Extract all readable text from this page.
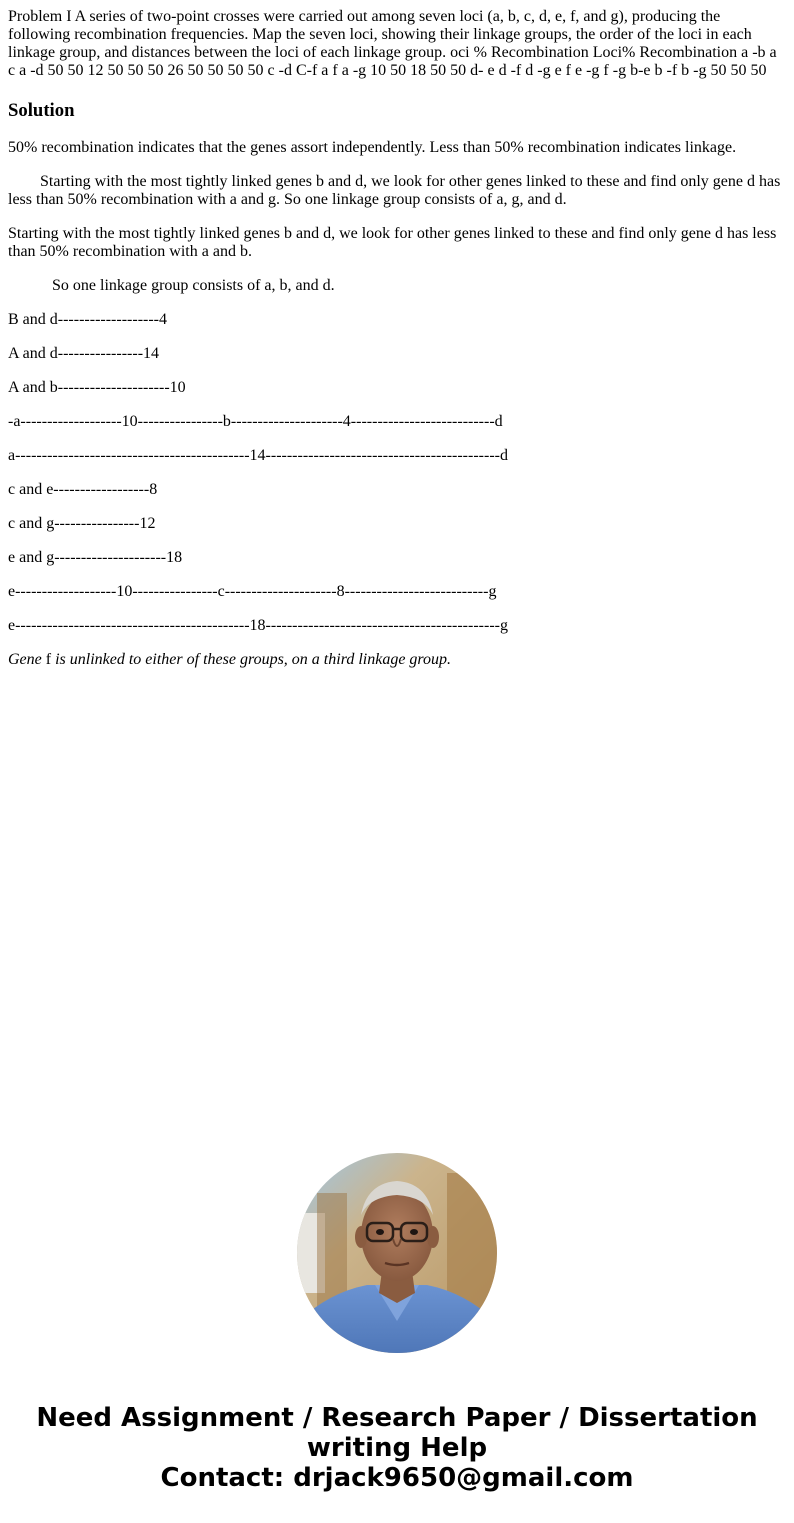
Problem I A series of two-point crosses were carried out among seven loci (a, b, c, d, e, f, and g), producing the following recombination frequencies. Map the seven loci, showing their linkage groups, the order of the loci in each linkage group, and distances between the loci of each linkage group. oci % Recombination Loci% Recombination a -b a c a -d 50 50 12 50 50 50 26 50 50 50 50 c -d C-f a f a -g 10 50 18 50 50 d- e d -f d -g e f e -g f -g b-e b -f b -g 50 50 50

Solution

50% recombination indicates that the genes assort independently. Less than 50% recombination indicates linkage.

Starting with the most tightly linked genes b and d, we look for other genes linked to these and find only gene d has less than 50% recombination with a and g. So one linkage group consists of a, g, and d.

Starting with the most tightly linked genes b and d, we look for other genes linked to these and find only gene d has less than 50% recombination with a and b.

So one linkage group consists of a, b, and d.

B and d-------------------4

A and d----------------14

A and b---------------------10

-a-------------------10----------------b---------------------4---------------------------d

a--------------------------------------------14--------------------------------------------d

c and e------------------8

c and g----------------12

e and g---------------------18

e-------------------10----------------c---------------------8---------------------------g

e--------------------------------------------18--------------------------------------------g

Gene f is unlinked to either of these groups, on a third linkage group.

Need Assignment / Research Paper / Dissertation
writing Help
Contact: drjack9650@gmail.com
